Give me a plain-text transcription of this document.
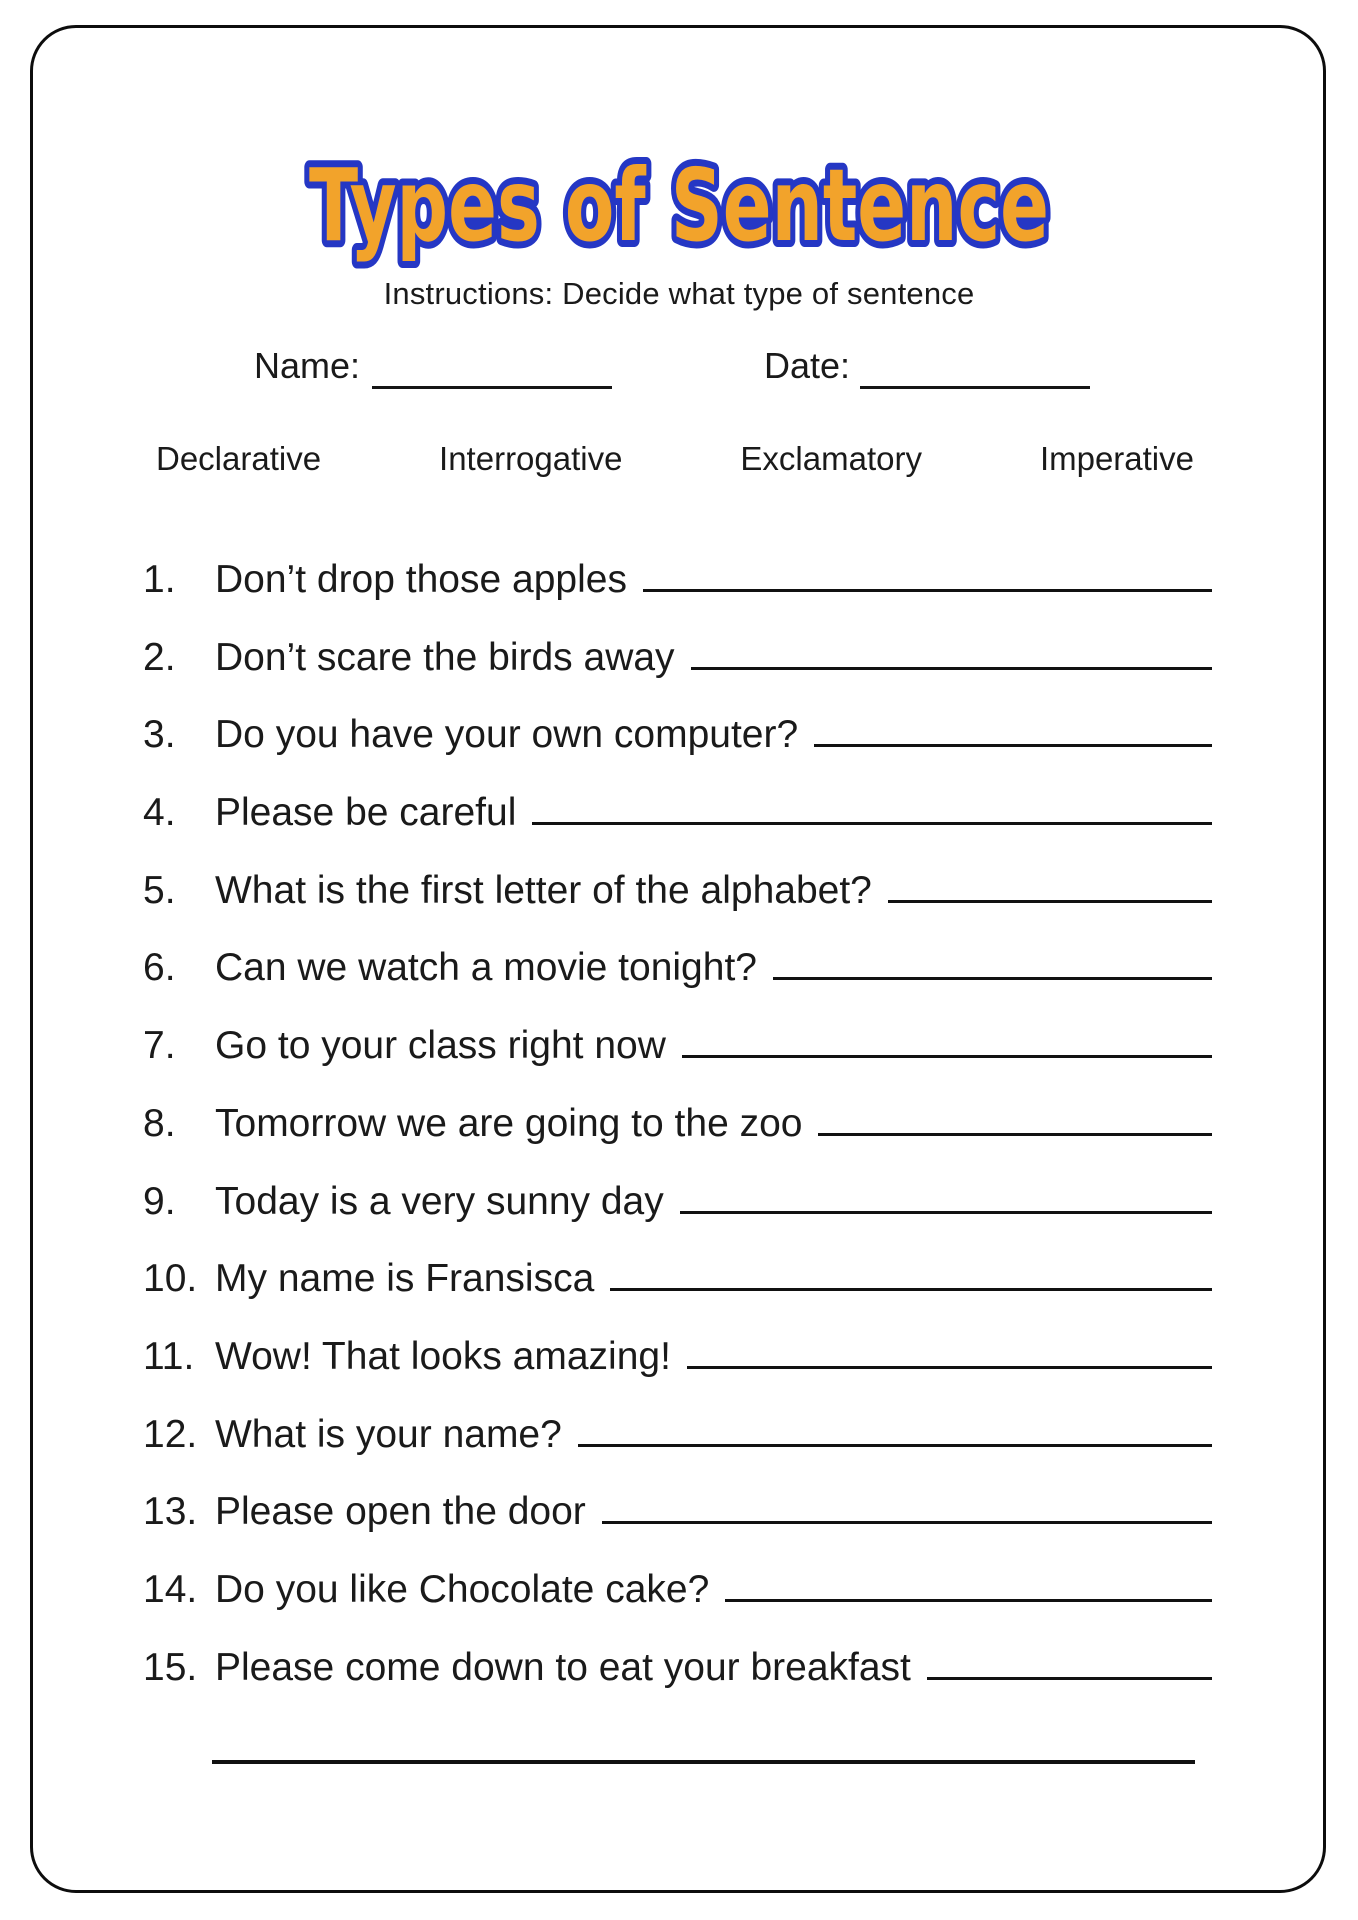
Types of Sentence
Instructions: Decide what type of sentence
Name:	Date:
Declarative	Interrogative	Exclamatory	Imperative
1.	Don’t drop those apples
2.	Don’t scare the birds away
3.	Do you have your own computer?
4.	Please be careful
5.	What is the first letter of the alphabet?
6.	Can we watch a movie tonight?
7.	Go to your class right now
8.	Tomorrow we are going to the zoo
9.	Today is a very sunny day
10. My name is Fransisca
11. Wow! That looks amazing!
12. What is your name?
13. Please open the door
14. Do you like Chocolate cake?
15. Please come down to eat your breakfast
